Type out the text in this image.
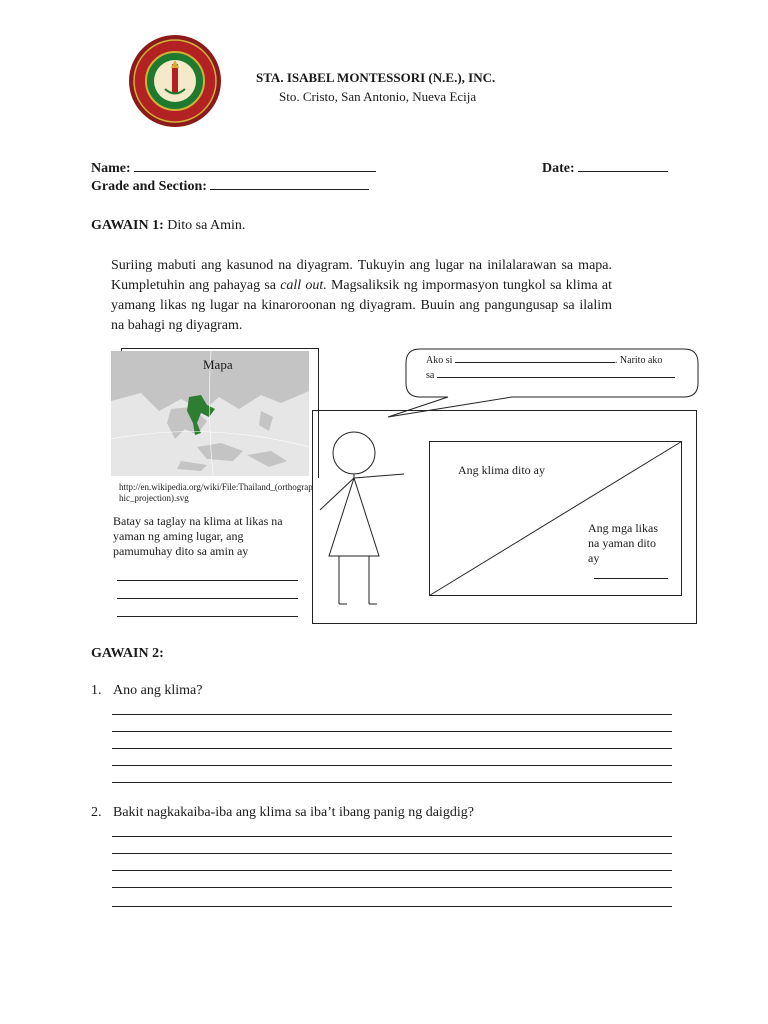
STA. ISABEL MONTESSORI (N.E.), INC.
Sto. Cristo, San Antonio, Nueva Ecija
Name:	Date:
Grade and Section:
GAWAIN 1: Dito sa Amin.
Suriing mabuti ang kasunod na diyagram. Tukuyin ang lugar na inilalarawan sa mapa. Kumpletuhin ang pahayag sa call out. Magsaliksik ng impormasyon tungkol sa klima at yamang likas ng lugar na kinaroroonan ng diyagram. Buuin ang pangungusap sa ilalim na bahagi ng diyagram.
Mapa
http://en.wikipedia.org/wiki/File:Thailand_(orthographic_projection).svg
Batay sa taglay na klima at likas na yaman ng aming lugar, ang pamumuhay dito sa amin ay
Ako si	. Narito ako
sa
Ang klima dito ay
Ang mga likas na yaman dito ay
GAWAIN 2:
1. Ano ang klima?
2. Bakit nagkakaiba-iba ang klima sa iba’t ibang panig ng daigdig?
